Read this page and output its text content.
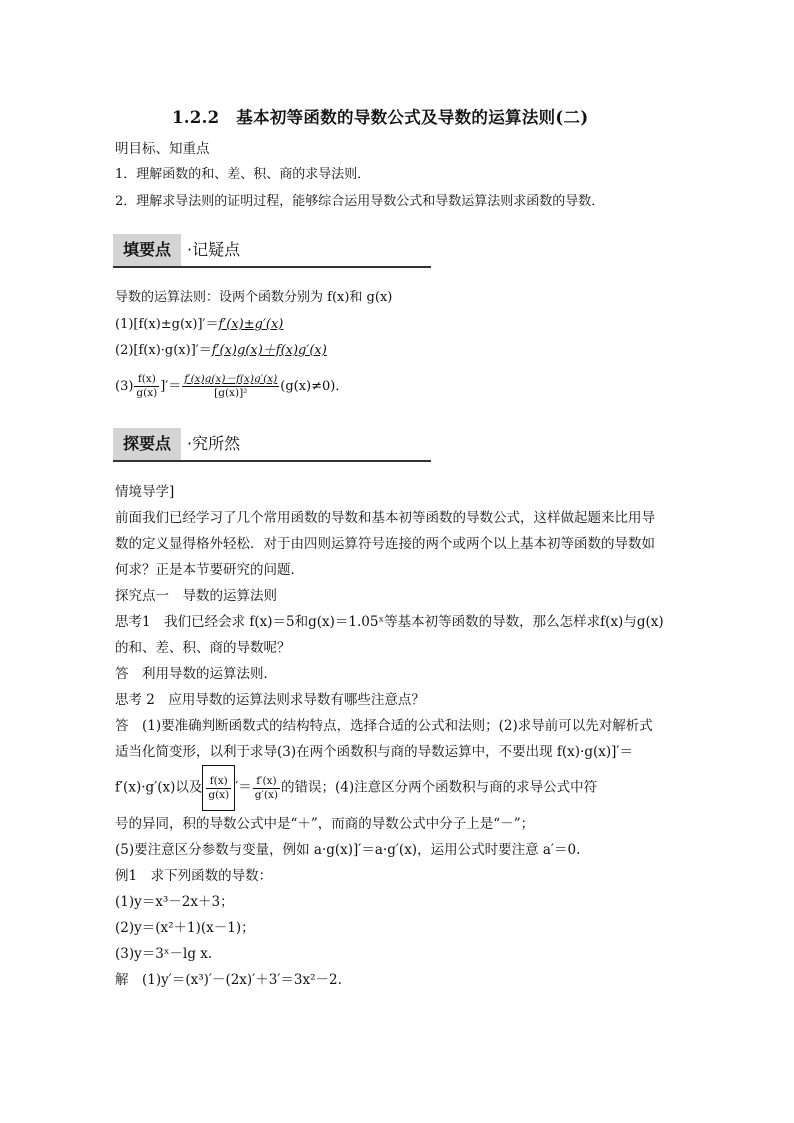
1.2.2　基本初等函数的导数公式及导数的运算法则(二)
明目标、知重点
1．理解函数的和、差、积、商的求导法则．
2．理解求导法则的证明过程，能够综合运用导数公式和导数运算法则求函数的导数．
填要点	·记疑点
导数的运算法则：设两个函数分别为 f(x)和 g(x)
(1)[f(x)±g(x)]′＝f′(x)±g′(x)
(2)[f(x)·g(x)]′＝f′(x)g(x)＋f(x)g′(x)
$(3) \frac{f(x)}{g(x)}$ ]′＝ $\frac{f'(x)g(x)-f(x)g'(x)}{\text{[g(x)]²}} (g(x)\ne 0)$．
探要点	·究所然
情境导学]
前面我们已经学习了几个常用函数的导数和基本初等函数的导数公式，这样做起题来比用导
数的定义显得格外轻松．对于由四则运算符号连接的两个或两个以上基本初等函数的导数如
何求？正是本节要研究的问题．
探究点一　导数的运算法则
思考1　我们已经会求 f(x)＝5和g(x)＝1.05ˣ等基本初等函数的导数，那么怎样求f(x)与g(x)
的和、差、积、商的导数呢？
答　利用导数的运算法则．
思考 2　应用导数的运算法则求导数有哪些注意点？
答　(1)要准确判断函数式的结构特点，选择合适的公式和法则；(2)求导前可以先对解析式
适当化简变形，以利于求导(3)在两个函数积与商的导数运算中，不要出现 f(x)·g(x)]′＝
f′(x)·g′(x)以及 $\frac{f(x)}{g(x)}$ ′＝ $\frac{f'(x)}{g'(x)}$ 的错误；(4)注意区分两个函数积与商的求导公式中符
号的异同，积的导数公式中是“＋”，而商的导数公式中分子上是“－”；
(5)要注意区分参数与变量，例如 a·g(x)]′＝a·g′(x)，运用公式时要注意 a′＝0.
例1　求下列函数的导数：
(1)y＝x³－2x＋3；
(2)y＝(x²＋1)(x－1)；
(3)y＝3ˣ－lg x.
解　(1)y′＝(x³)′－(2x)′＋3′＝3x²－2.
